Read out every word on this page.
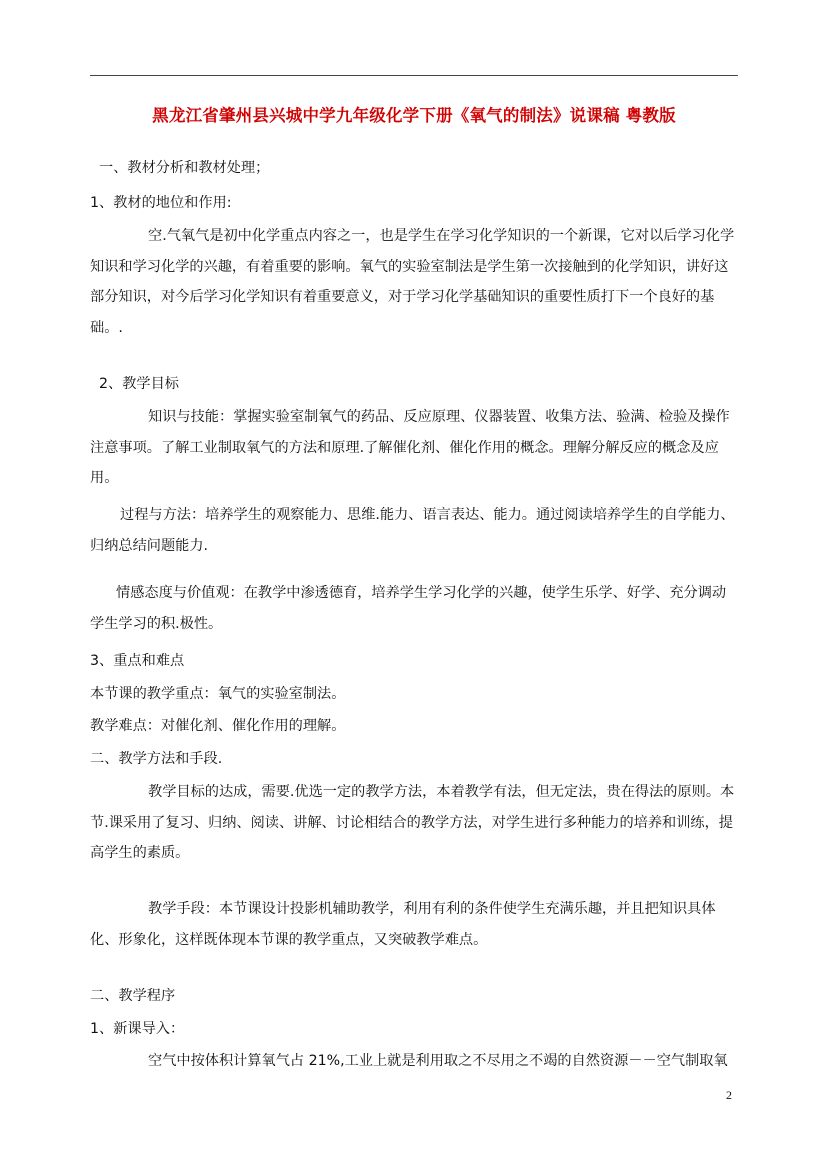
黑龙江省肇州县兴城中学九年级化学下册《氧气的制法》说课稿 粤教版
一、教材分析和教材处理；
1、教材的地位和作用:
空.气氧气是初中化学重点内容之一，也是学生在学习化学知识的一个新课，它对以后学习化学知识和学习化学的兴趣，有着重要的影响。氧气的实验室制法是学生第一次接触到的化学知识，讲好这部分知识，对今后学习化学知识有着重要意义，对于学习化学基础知识的重要性质打下一个良好的基础。.
2、教学目标
知识与技能：掌握实验室制氧气的药品、反应原理、仪器装置、收集方法、验满、检验及操作注意事项。了解工业制取氧气的方法和原理.了解催化剂、催化作用的概念。理解分解反应的概念及应用。
过程与方法：培养学生的观察能力、思维.能力、语言表达、能力。通过阅读培养学生的自学能力、归纳总结问题能力.
情感态度与价值观：在教学中渗透德育，培养学生学习化学的兴趣，使学生乐学、好学、充分调动学生学习的积.极性。
3、重点和难点
本节课的教学重点：氧气的实验室制法。
教学难点：对催化剂、催化作用的理解。
二、教学方法和手段.
教学目标的达成，需要.优选一定的教学方法，本着教学有法，但无定法，贵在得法的原则。本节.课采用了复习、归纳、阅读、讲解、讨论相结合的教学方法，对学生进行多种能力的培养和训练，提高学生的素质。
教学手段：本节课设计投影机辅助教学，利用有利的条件使学生充满乐趣，并且把知识具体化、形象化，这样既体现本节课的教学重点，又突破教学难点。
二、教学程序
1、新课导入：
空气中按体积计算氧气占 21%,工业上就是利用取之不尽用之不竭的自然资源－－空气制取氧
2
